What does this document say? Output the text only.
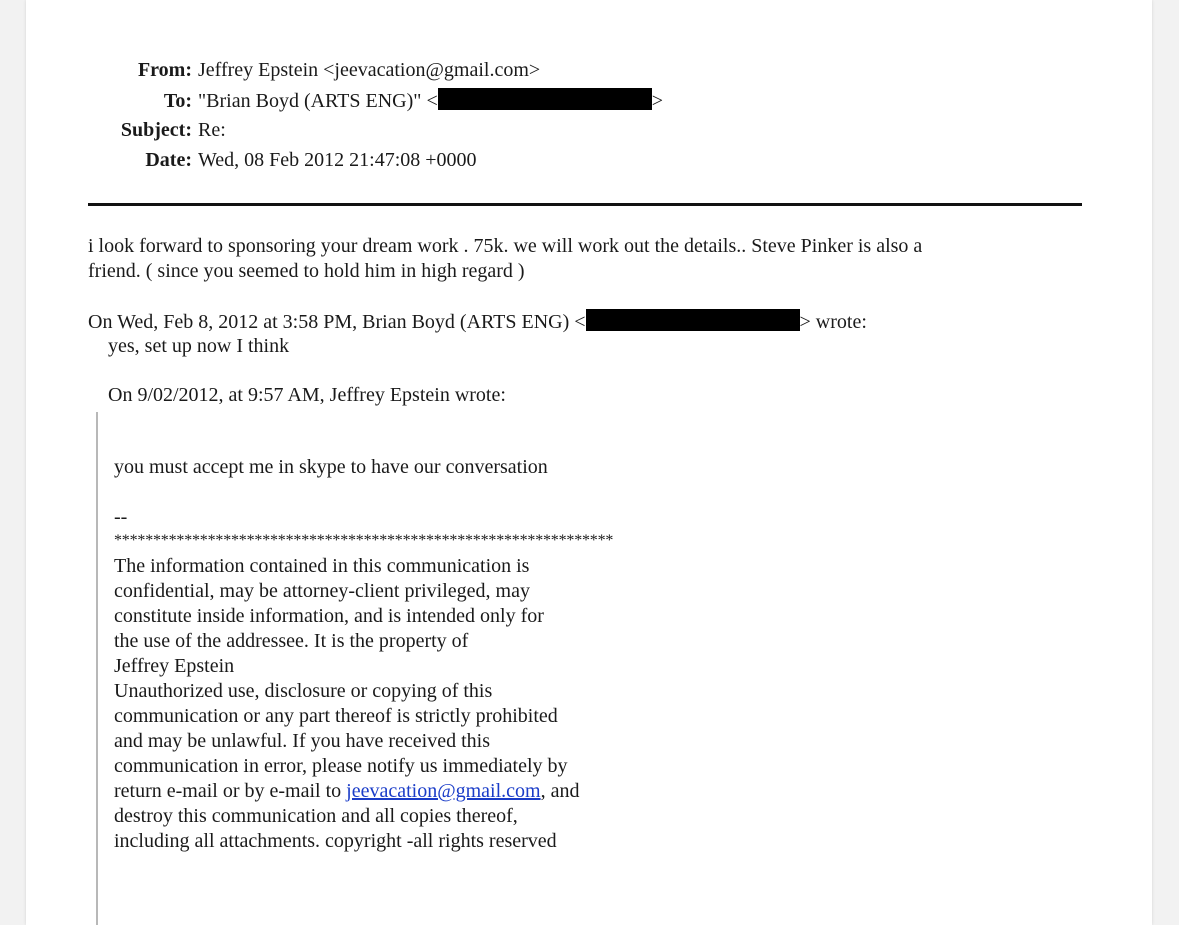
From: Jeffrey Epstein <jeevacation@gmail.com>
To: "Brian Boyd (ARTS ENG)" <	>
Subject: Re:
Date: Wed, 08 Feb 2012 21:47:08 +0000
i look forward to sponsoring your dream work . 75k. we will work out the details.. Steve Pinker is also a
friend. ( since you seemed to hold him in high regard )
On Wed, Feb 8, 2012 at 3:58 PM, Brian Boyd (ARTS ENG) <	> wrote:
yes, set up now I think
On 9/02/2012, at 9:57 AM, Jeffrey Epstein wrote:
you must accept me in skype to have our conversation
--
****************************************************************
The information contained in this communication is
confidential, may be attorney-client privileged, may
constitute inside information, and is intended only for
the use of the addressee. It is the property of
Jeffrey Epstein
Unauthorized use, disclosure or copying of this
communication or any part thereof is strictly prohibited
and may be unlawful. If you have received this
communication in error, please notify us immediately by
return e-mail or by e-mail to jeevacation@gmail.com, and
destroy this communication and all copies thereof,
including all attachments. copyright -all rights reserved
